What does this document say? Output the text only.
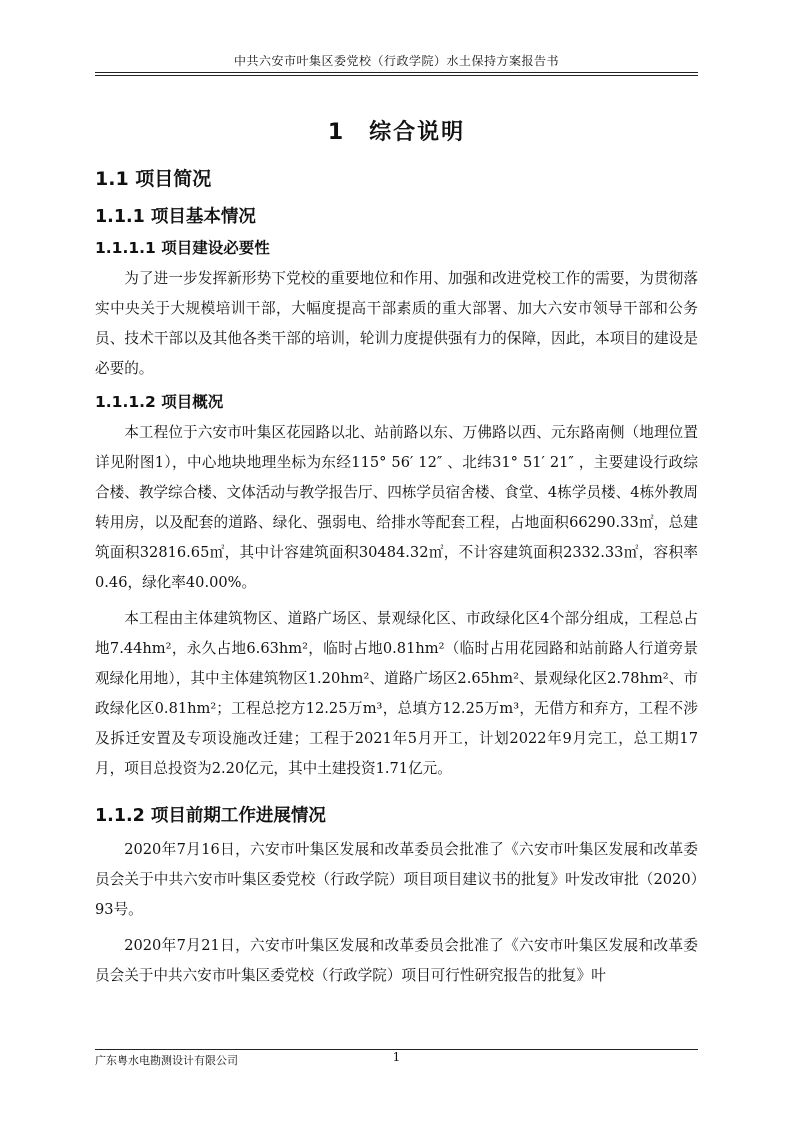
中共六安市叶集区委党校（行政学院）水土保持方案报告书
1　综合说明
1.1 项目简况
1.1.1 项目基本情况
1.1.1.1 项目建设必要性

为了进一步发挥新形势下党校的重要地位和作用、加强和改进党校工作的需要，为贯彻落实中央关于大规模培训干部，大幅度提高干部素质的重大部署、加大六安市领导干部和公务员、技术干部以及其他各类干部的培训，轮训力度提供强有力的保障，因此，本项目的建设是必要的。

1.1.1.2 项目概况

本工程位于六安市叶集区花园路以北、站前路以东、万佛路以西、元东路南侧（地理位置详见附图1），中心地块地理坐标为东经115° 56′ 12″ 、北纬31° 51′ 21″ ，主要建设行政综合楼、教学综合楼、文体活动与教学报告厅、四栋学员宿舍楼、食堂、4栋学员楼、4栋外教周转用房，以及配套的道路、绿化、强弱电、给排水等配套工程，占地面积66290.33㎡，总建筑面积32816.65㎡，其中计容建筑面积30484.32㎡，不计容建筑面积2332.33㎡，容积率0.46，绿化率40.00%。

本工程由主体建筑物区、道路广场区、景观绿化区、市政绿化区4个部分组成，工程总占地7.44hm²，永久占地6.63hm²，临时占地0.81hm²（临时占用花园路和站前路人行道旁景观绿化用地），其中主体建筑物区1.20hm²、道路广场区2.65hm²、景观绿化区2.78hm²、市政绿化区0.81hm²；工程总挖方12.25万m³，总填方12.25万m³，无借方和弃方，工程不涉及拆迁安置及专项设施改迁建；工程于2021年5月开工，计划2022年9月完工，总工期17月，项目总投资为2.20亿元，其中土建投资1.71亿元。

1.1.2 项目前期工作进展情况

2020年7月16日，六安市叶集区发展和改革委员会批准了《六安市叶集区发展和改革委员会关于中共六安市叶集区委党校（行政学院）项目项目建议书的批复》叶发改审批（2020）93号。

2020年7月21日，六安市叶集区发展和改革委员会批准了《六安市叶集区发展和改革委员会关于中共六安市叶集区委党校（行政学院）项目可行性研究报告的批复》叶

广东粤水电勘测设计有限公司	1
